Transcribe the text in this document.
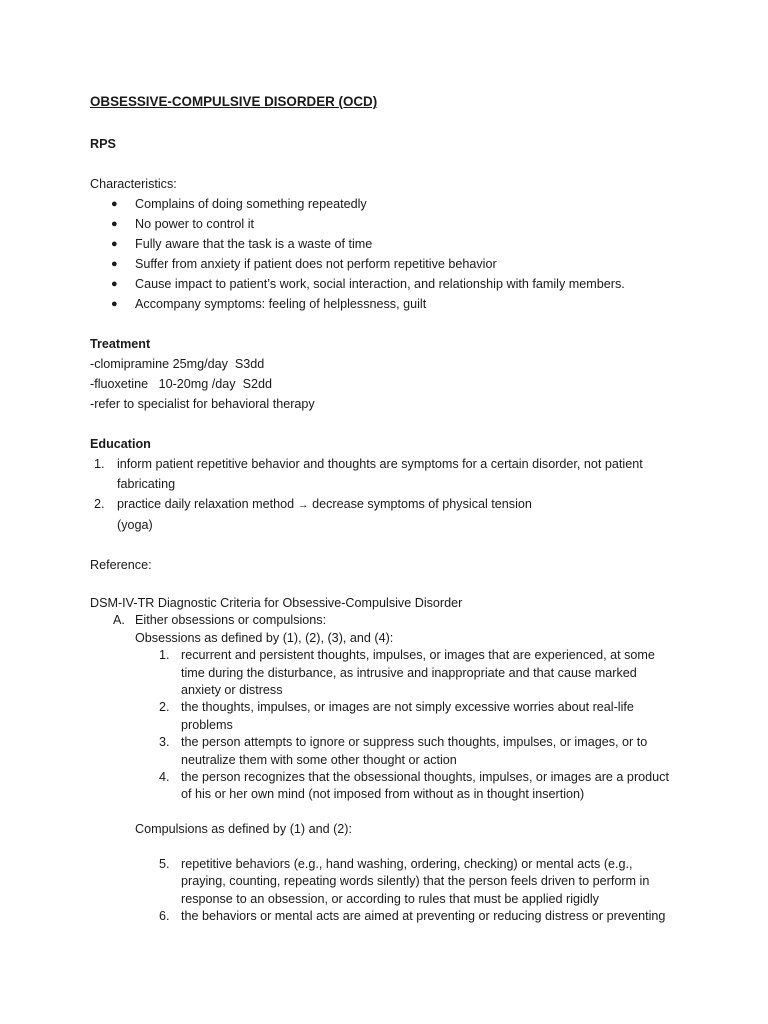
OBSESSIVE-COMPULSIVE DISORDER (OCD)

RPS

Characteristics:

● Complains of doing something repeatedly
● No power to control it
● Fully aware that the task is a waste of time
● Suffer from anxiety if patient does not perform repetitive behavior
● Cause impact to patient’s work, social interaction, and relationship with family members.
● Accompany symptoms: feeling of helplessness, guilt

Treatment

-clomipramine 25mg/day  S3dd

-fluoxetine   10-20mg /day  S2dd

-refer to specialist for behavioral therapy

Education

1. inform patient repetitive behavior and thoughts are symptoms for a certain disorder, not patient fabricating
2. practice daily relaxation method → decrease symptoms of physical tension
(yoga)

Reference:

DSM-IV-TR Diagnostic Criteria for Obsessive-Compulsive Disorder

A. Either obsessions or compulsions:
Obsessions as defined by (1), (2), (3), and (4):
1. recurrent and persistent thoughts, impulses, or images that are experienced, at some time during the disturbance, as intrusive and inappropriate and that cause marked anxiety or distress
2. the thoughts, impulses, or images are not simply excessive worries about real-life problems
3. the person attempts to ignore or suppress such thoughts, impulses, or images, or to neutralize them with some other thought or action
4. the person recognizes that the obsessional thoughts, impulses, or images are a product of his or her own mind (not imposed from without as in thought insertion)
Compulsions as defined by (1) and (2):
5. repetitive behaviors (e.g., hand washing, ordering, checking) or mental acts (e.g., praying, counting, repeating words silently) that the person feels driven to perform in response to an obsession, or according to rules that must be applied rigidly
6. the behaviors or mental acts are aimed at preventing or reducing distress or preventing
